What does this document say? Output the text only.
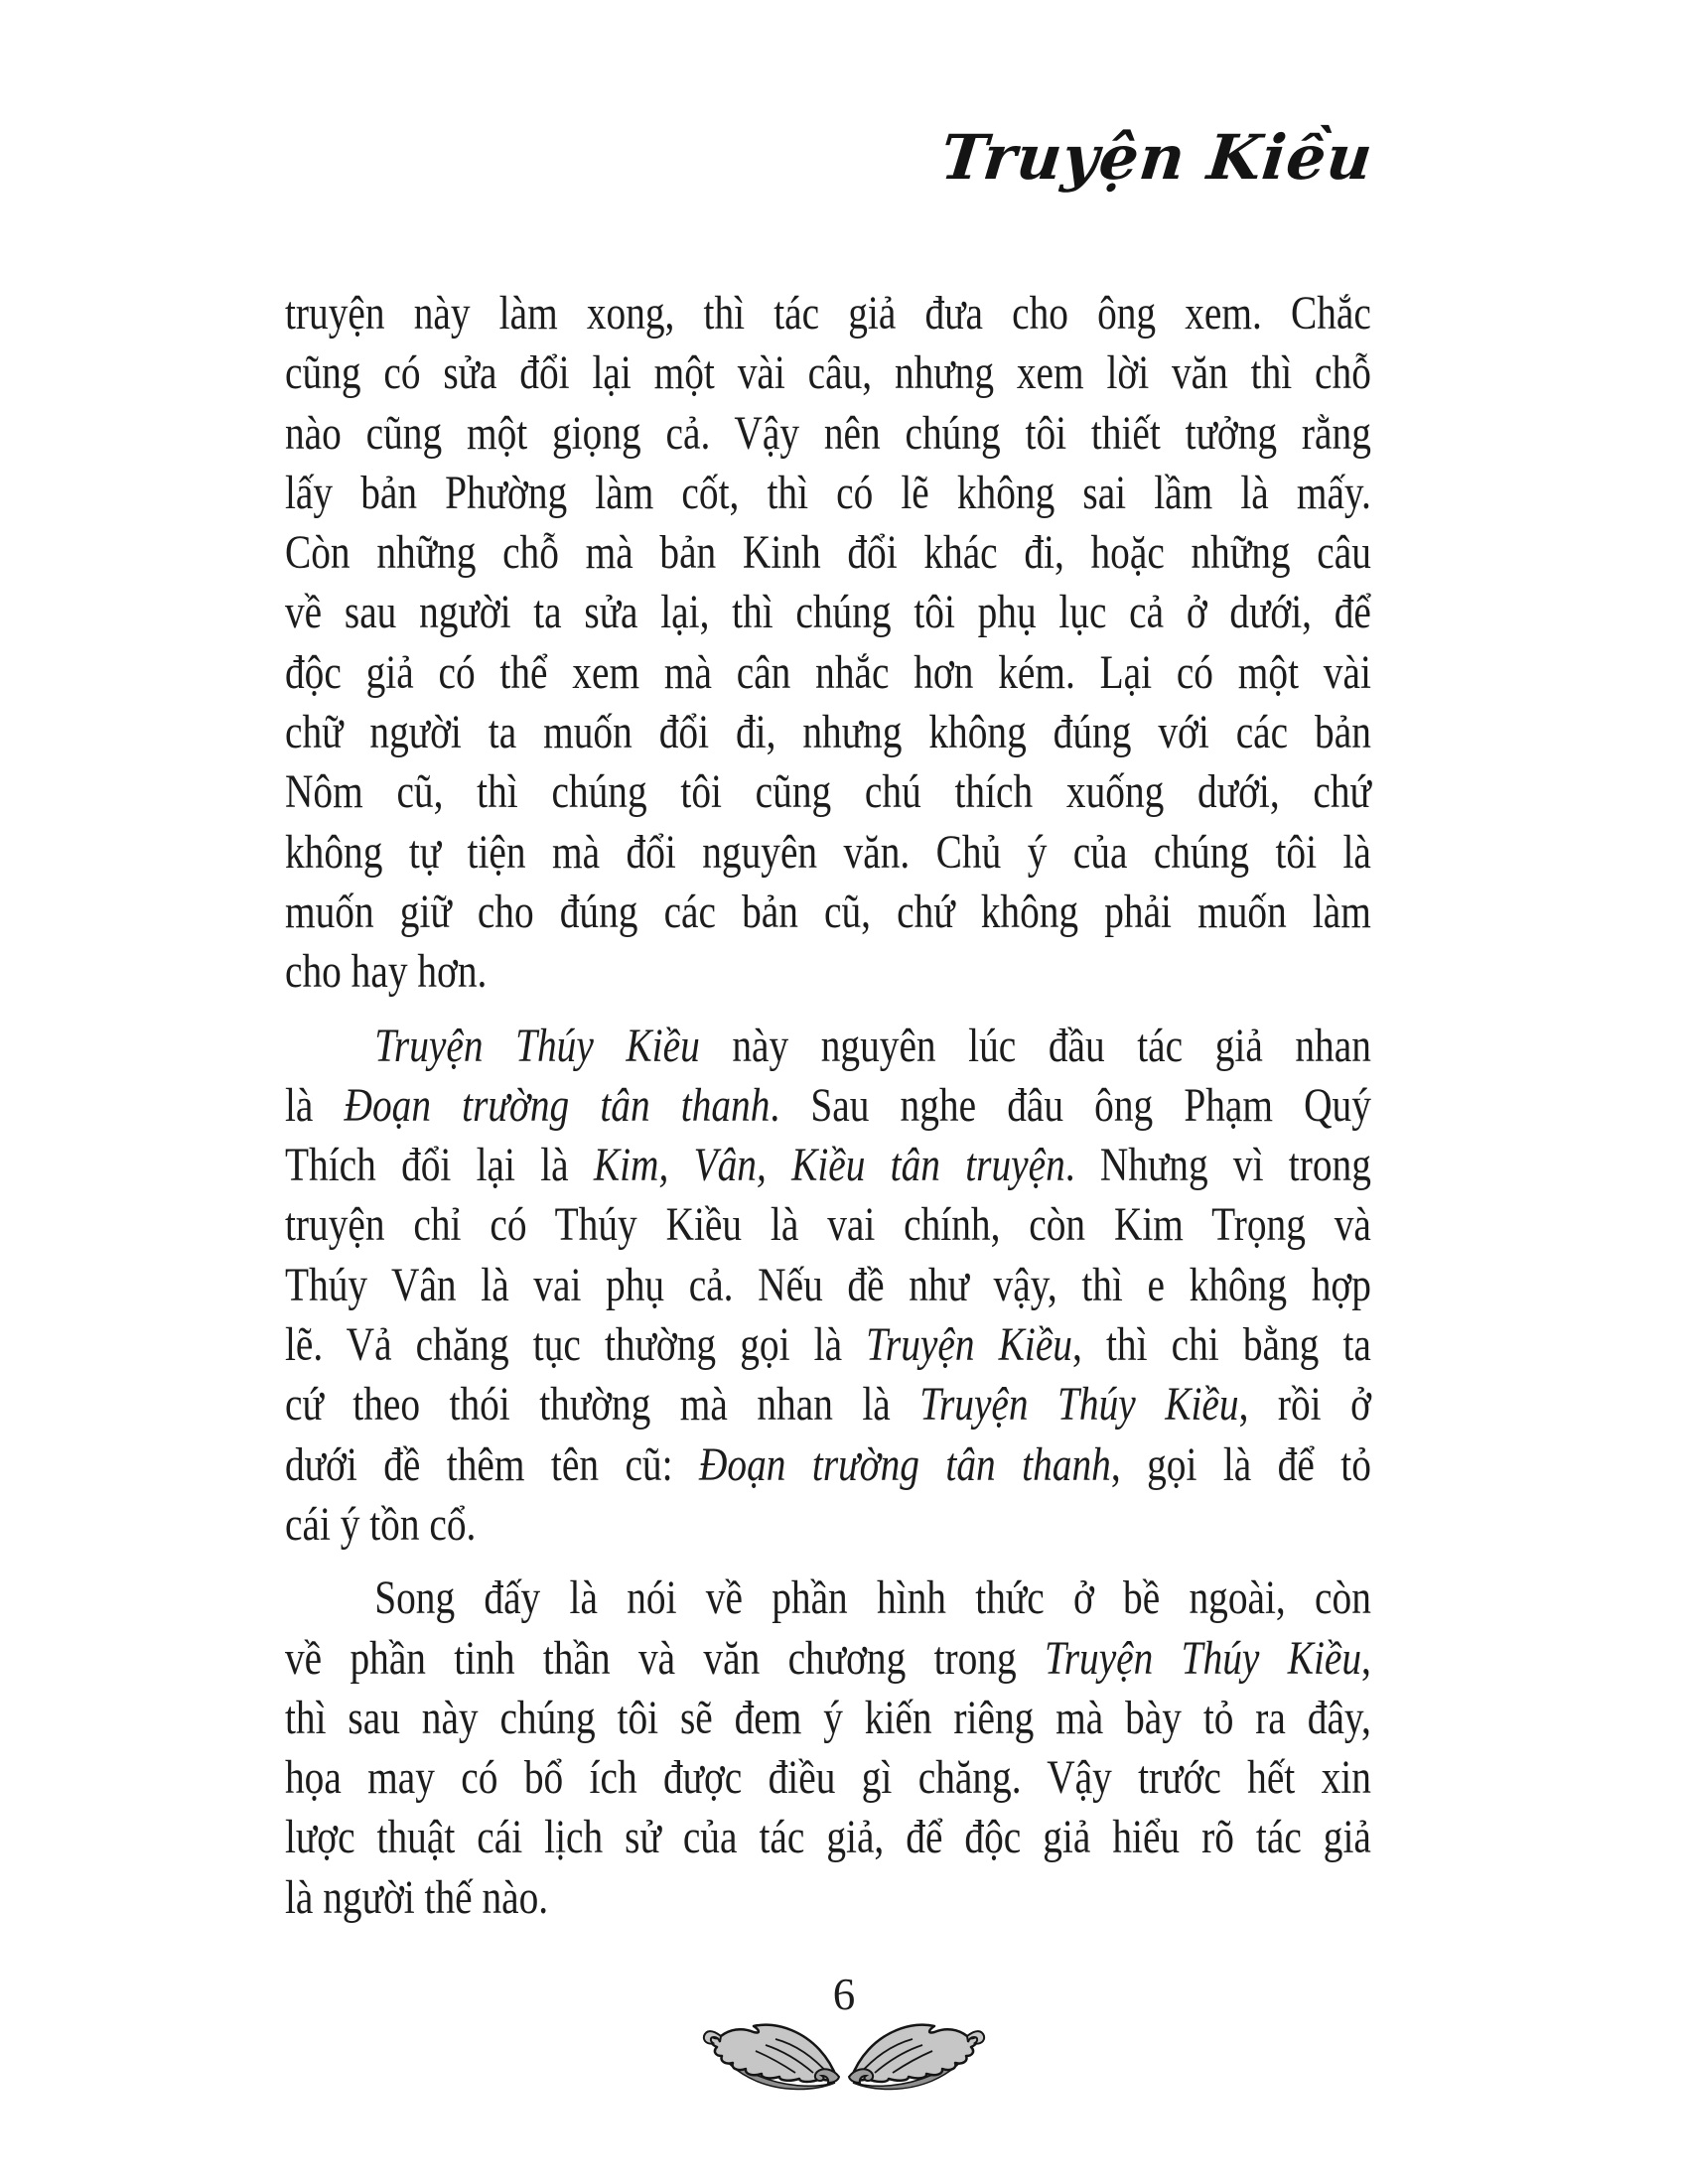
Truyện Kiều
truyện này làm xong, thì tác giả đưa cho ông xem. Chắc
cũng có sửa đổi lại một vài câu, nhưng xem lời văn thì chỗ
nào cũng một giọng cả. Vậy nên chúng tôi thiết tưởng rằng
lấy bản Phường làm cốt, thì có lẽ không sai lầm là mấy.
Còn những chỗ mà bản Kinh đổi khác đi, hoặc những câu
về sau người ta sửa lại, thì chúng tôi phụ lục cả ở dưới, để
độc giả có thể xem mà cân nhắc hơn kém. Lại có một vài
chữ người ta muốn đổi đi, nhưng không đúng với các bản
Nôm cũ, thì chúng tôi cũng chú thích xuống dưới, chứ
không tự tiện mà đổi nguyên văn. Chủ ý của chúng tôi là
muốn giữ cho đúng các bản cũ, chứ không phải muốn làm
cho hay hơn.
Truyện Thúy Kiều này nguyên lúc đầu tác giả nhan
là Đoạn trường tân thanh. Sau nghe đâu ông Phạm Quý
Thích đổi lại là Kim, Vân, Kiều tân truyện. Nhưng vì trong
truyện chỉ có Thúy Kiều là vai chính, còn Kim Trọng và
Thúy Vân là vai phụ cả. Nếu đề như vậy, thì e không hợp
lẽ. Vả chăng tục thường gọi là Truyện Kiều, thì chi bằng ta
cứ theo thói thường mà nhan là Truyện Thúy Kiều, rồi ở
dưới đề thêm tên cũ: Đoạn trường tân thanh, gọi là để tỏ
cái ý tồn cổ.
Song đấy là nói về phần hình thức ở bề ngoài, còn
về phần tinh thần và văn chương trong Truyện Thúy Kiều,
thì sau này chúng tôi sẽ đem ý kiến riêng mà bày tỏ ra đây,
họa may có bổ ích được điều gì chăng. Vậy trước hết xin
lược thuật cái lịch sử của tác giả, để độc giả hiểu rõ tác giả
là người thế nào.
6
